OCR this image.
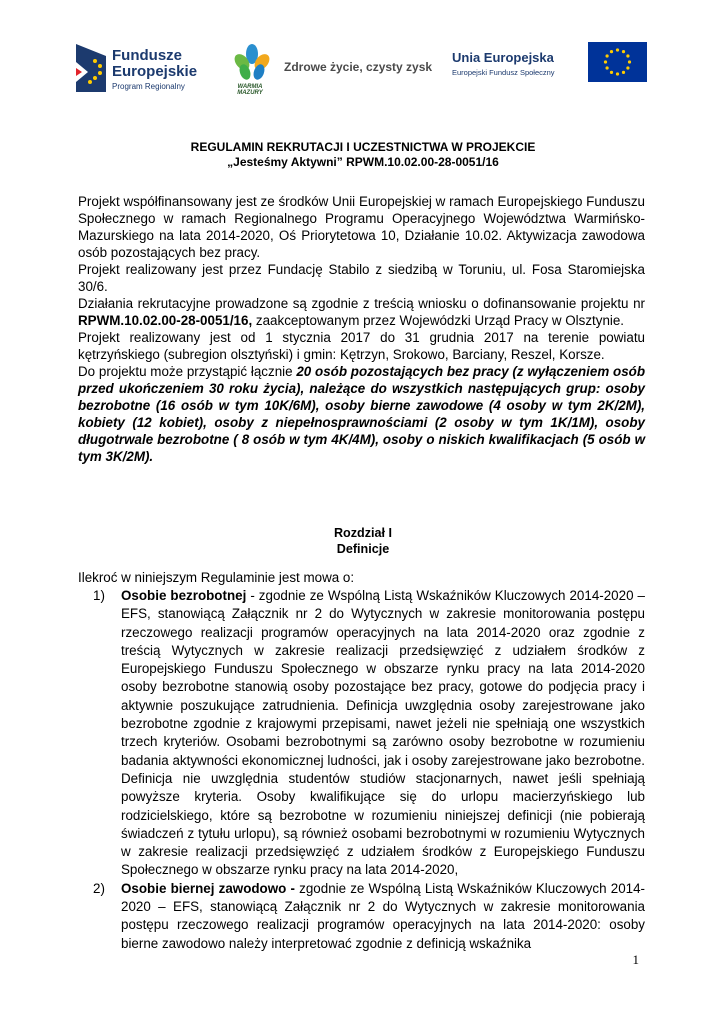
Fundusze
Europejskie
Program Regionalny	WARMIA
MAZURY
Zdrowe życie, czysty zysk
Unia Europejska
Europejski Fundusz Społeczny
REGULAMIN REKRUTACJI I UCZESTNICTWA W PROJEKCIE
„Jesteśmy Aktywni” RPWM.10.02.00-28-0051/16

Projekt współfinansowany jest ze środków Unii Europejskiej w ramach Europejskiego Funduszu Społecznego w ramach Regionalnego Programu Operacyjnego Województwa Warmińsko-Mazurskiego na lata 2014-2020, Oś Priorytetowa 10, Działanie 10.02. Aktywizacja zawodowa osób pozostających bez pracy.

Projekt realizowany jest przez Fundację Stabilo z siedzibą w Toruniu, ul. Fosa Staromiejska 30/6.

Działania rekrutacyjne prowadzone są zgodnie z treścią wniosku o dofinansowanie projektu nr RPWM.10.02.00-28-0051/16, zaakceptowanym przez Wojewódzki Urząd Pracy w Olsztynie.

Projekt realizowany jest od 1 stycznia 2017 do 31 grudnia 2017 na terenie powiatu kętrzyńskiego (subregion olsztyński) i gmin: Kętrzyn, Srokowo, Barciany, Reszel, Korsze.

Do projektu może przystąpić łącznie 20 osób pozostających bez pracy (z wyłączeniem osób przed ukończeniem 30 roku życia), należące do wszystkich następujących grup: osoby bezrobotne (16 osób w tym 10K/6M), osoby bierne zawodowe (4 osoby w tym 2K/2M), kobiety (12 kobiet), osoby z niepełnosprawnościami (2 osoby w tym 1K/1M), osoby długotrwale bezrobotne ( 8 osób w tym 4K/4M), osoby o niskich kwalifikacjach (5 osób w tym 3K/2M).

Rozdział I
Definicje
Ilekroć w niniejszym Regulaminie jest mowa o:
1) Osobie bezrobotnej - zgodnie ze Wspólną Listą Wskaźników Kluczowych 2014-2020 – EFS, stanowiącą Załącznik nr 2 do Wytycznych w zakresie monitorowania postępu rzeczowego realizacji programów operacyjnych na lata 2014-2020 oraz zgodnie z treścią Wytycznych w zakresie realizacji przedsięwzięć z udziałem środków z Europejskiego Funduszu Społecznego w obszarze rynku pracy na lata 2014-2020 osoby bezrobotne stanowią osoby pozostające bez pracy, gotowe do podjęcia pracy i aktywnie poszukujące zatrudnienia. Definicja uwzględnia osoby zarejestrowane jako bezrobotne zgodnie z krajowymi przepisami, nawet jeżeli nie spełniają one wszystkich trzech kryteriów. Osobami bezrobotnymi są zarówno osoby bezrobotne w rozumieniu badania aktywności ekonomicznej ludności, jak i osoby zarejestrowane jako bezrobotne. Definicja nie uwzględnia studentów studiów stacjonarnych, nawet jeśli spełniają powyższe kryteria. Osoby kwalifikujące się do urlopu macierzyńskiego lub rodzicielskiego, które są bezrobotne w rozumieniu niniejszej definicji (nie pobierają świadczeń z tytułu urlopu), są również osobami bezrobotnymi w rozumieniu Wytycznych w zakresie realizacji przedsięwzięć z udziałem środków z Europejskiego Funduszu Społecznego w obszarze rynku pracy na lata 2014-2020,
2) Osobie biernej zawodowo - zgodnie ze Wspólną Listą Wskaźników Kluczowych 2014-2020 – EFS, stanowiącą Załącznik nr 2 do Wytycznych w zakresie monitorowania postępu rzeczowego realizacji programów operacyjnych na lata 2014-2020: osoby bierne zawodowo należy interpretować zgodnie z definicją wskaźnika
1
